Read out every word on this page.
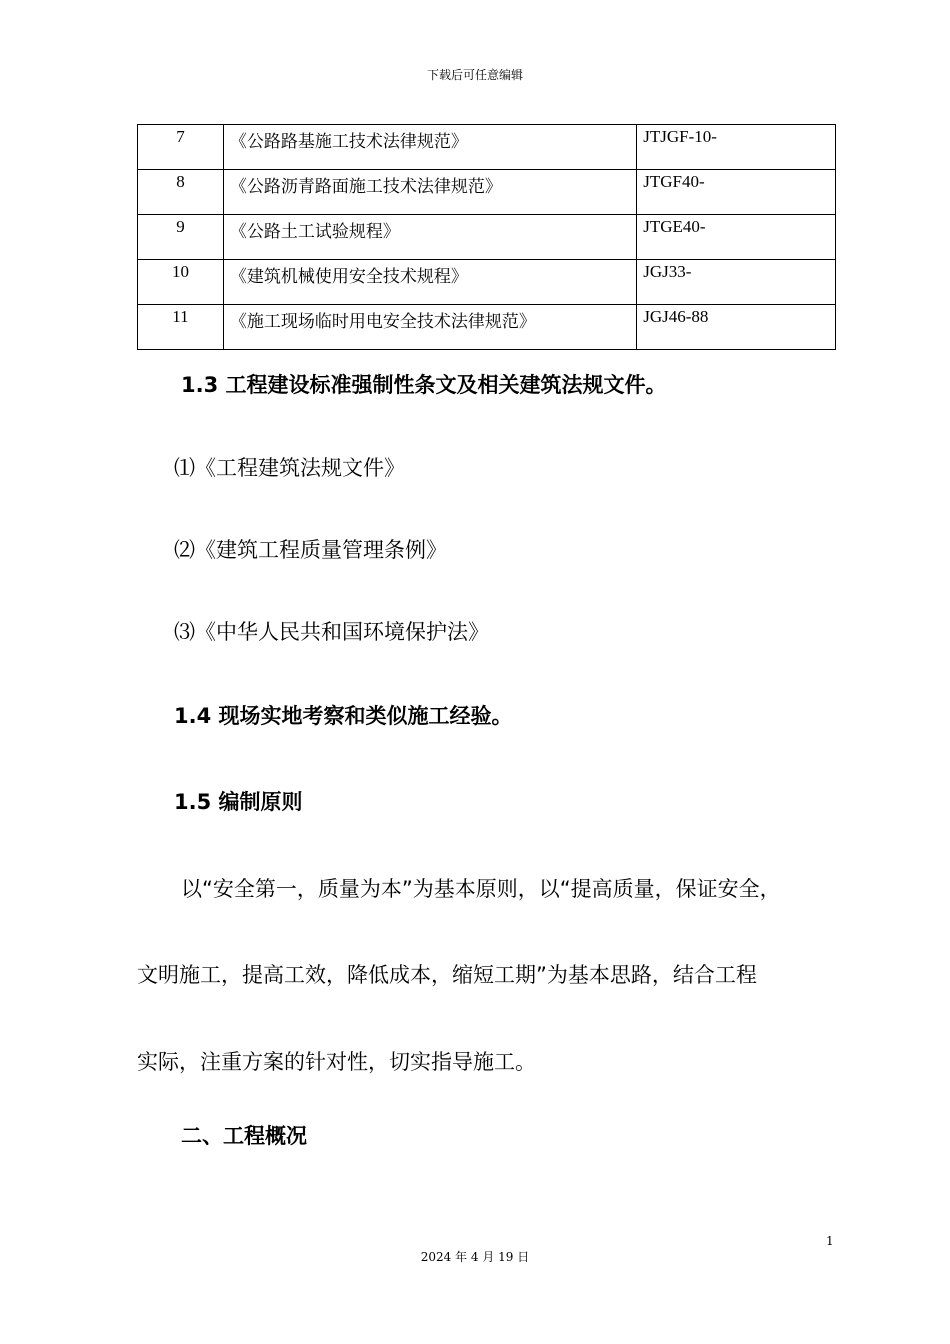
下载后可任意编辑
7	《公路路基施工技术法律规范》	JTJGF-10-
8	《公路沥青路面施工技术法律规范》	JTGF40-
9	《公路土工试验规程》	JTGE40-
10	《建筑机械使用安全技术规程》	JGJ33-
11	《施工现场临时用电安全技术法律规范》	JGJ46-88
1.3 工程建设标准强制性条文及相关建筑法规文件。
⑴《工程建筑法规文件》
⑵《建筑工程质量管理条例》
⑶《中华人民共和国环境保护法》
1.4 现场实地考察和类似施工经验。
1.5 编制原则
以“安全第一，质量为本”为基本原则，以“提高质量，保证安全，
文明施工，提高工效，降低成本，缩短工期”为基本思路，结合工程
实际，注重方案的针对性，切实指导施工。
二、工程概况
1
2024 年 4 月 19 日
